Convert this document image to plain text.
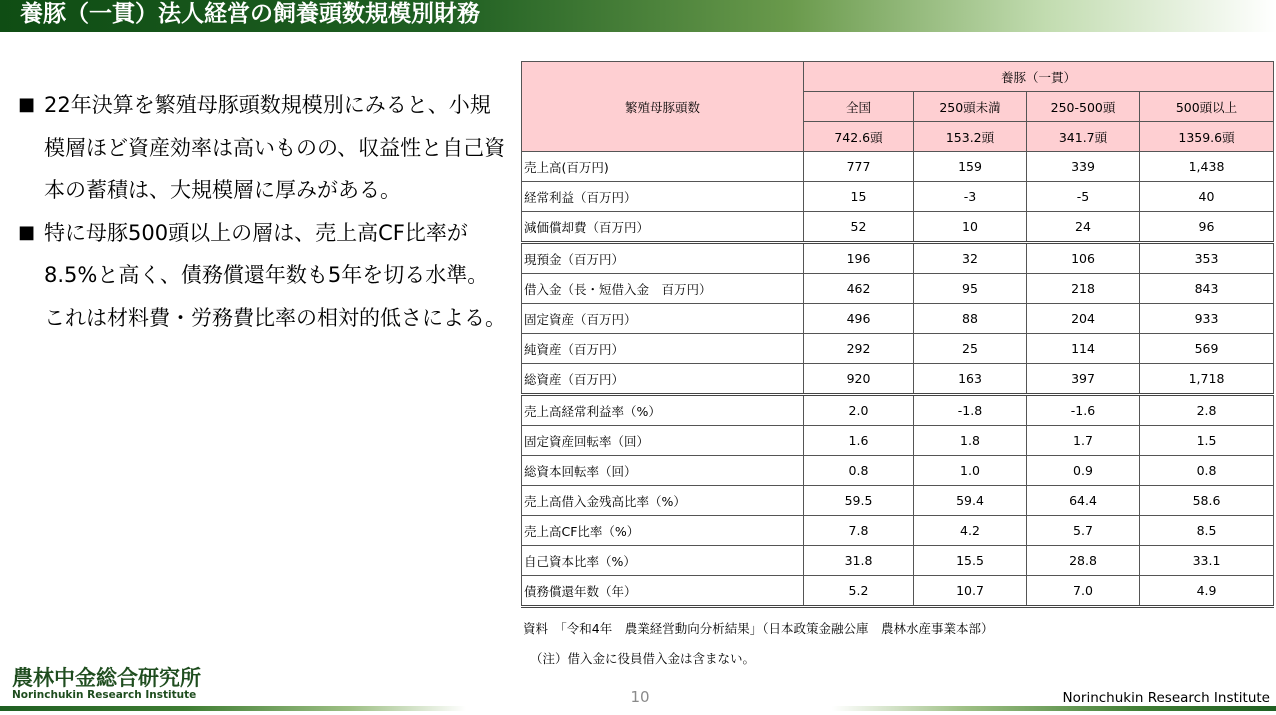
養豚（一貫）法人経営の飼養頭数規模別財務
■ 22年決算を繁殖母豚頭数規模別にみると、小規模層ほど資産効率は高いものの、収益性と自己資本の蓄積は、大規模層に厚みがある。
■ 特に母豚500頭以上の層は、売上高CF比率が8.5%と高く、債務償還年数も5年を切る水準。これは材料費・労務費比率の相対的低さによる。
繁殖母豚頭数	養豚（一貫）			
	全国	250頭未満	250-500頭	500頭以上
	742.6頭	153.2頭	341.7頭	1359.6頭
売上高(百万円)	777	159	339	1,438
経常利益（百万円）	15	-3	-5	40
減価償却費（百万円）	52	10	24	96
現預金（百万円）	196	32	106	353
借入金（長・短借入金　百万円）	462	95	218	843
固定資産（百万円）	496	88	204	933
純資産（百万円）	292	25	114	569
総資産（百万円）	920	163	397	1,718
売上高経常利益率（%）	2.0	-1.8	-1.6	2.8
固定資産回転率（回）	1.6	1.8	1.7	1.5
総資本回転率（回）	0.8	1.0	0.9	0.8
売上高借入金残高比率（%）	59.5	59.4	64.4	58.6
売上高CF比率（%）	7.8	4.2	5.7	8.5
自己資本比率（%）	31.8	15.5	28.8	33.1
債務償還年数（年）	5.2	10.7	7.0	4.9
資料　「令和4年　農業経営動向分析結果」（日本政策金融公庫　農林水産事業本部）
（注）借入金に役員借入金は含まない。
農林中金総合研究所
Norinchukin Research Institute	10	Norinchukin Research Institute
